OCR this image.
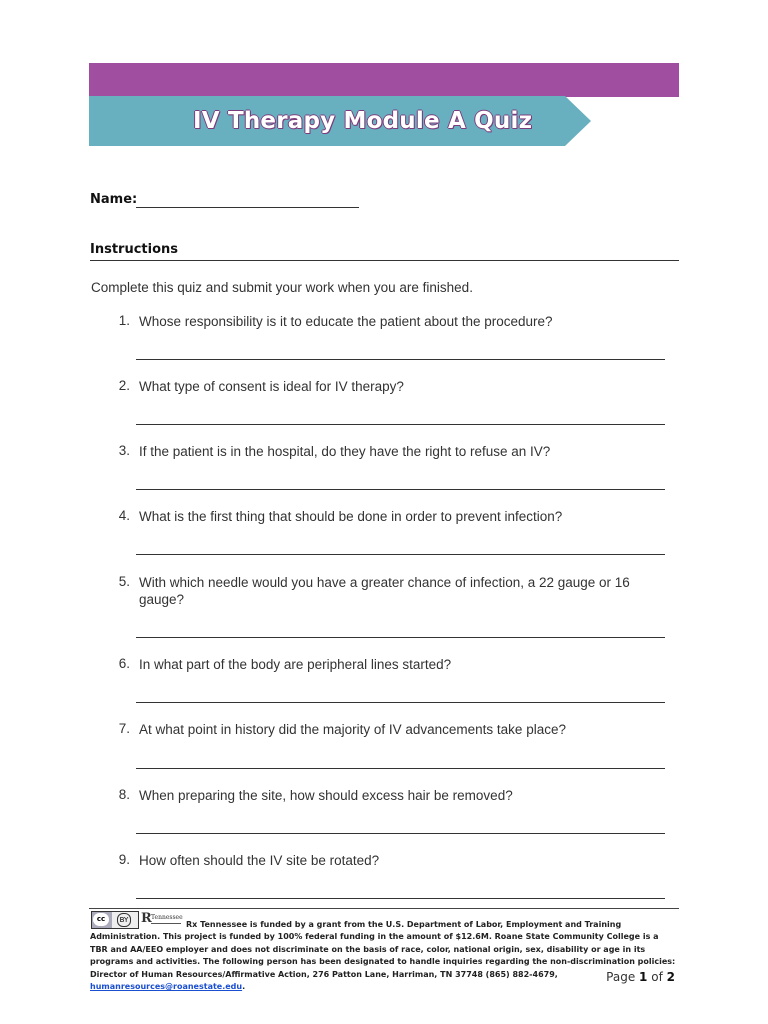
IV Therapy Module A Quiz
Name:
Instructions
Complete this quiz and submit your work when you are finished.
1. Whose responsibility is it to educate the patient about the procedure?
2. What type of consent is ideal for IV therapy?
3. If the patient is in the hospital, do they have the right to refuse an IV?
4. What is the first thing that should be done in order to prevent infection?
5. With which needle would you have a greater chance of infection, a 22 gauge or 16 gauge?
6. In what part of the body are peripheral lines started?
7. At what point in history did the majority of IV advancements take place?
8. When preparing the site, how should excess hair be removed?
9. How often should the IV site be rotated?
cc	BY R Tennessee
Rx Tennessee is funded by a grant from the U.S. Department of Labor, Employment and Training Administration. This project is funded by 100% federal funding in the amount of $12.6M. Roane State Community College is a TBR and AA/EEO employer and does not discriminate on the basis of race, color, national origin, sex, disability or age in its programs and activities. The following person has been designated to handle inquiries regarding the non-discrimination policies: Director of Human Resources/Affirmative Action, 276 Patton Lane, Harriman, TN 37748 (865) 882-4679, humanresources@roanestate.edu.
Page 1 of 2
